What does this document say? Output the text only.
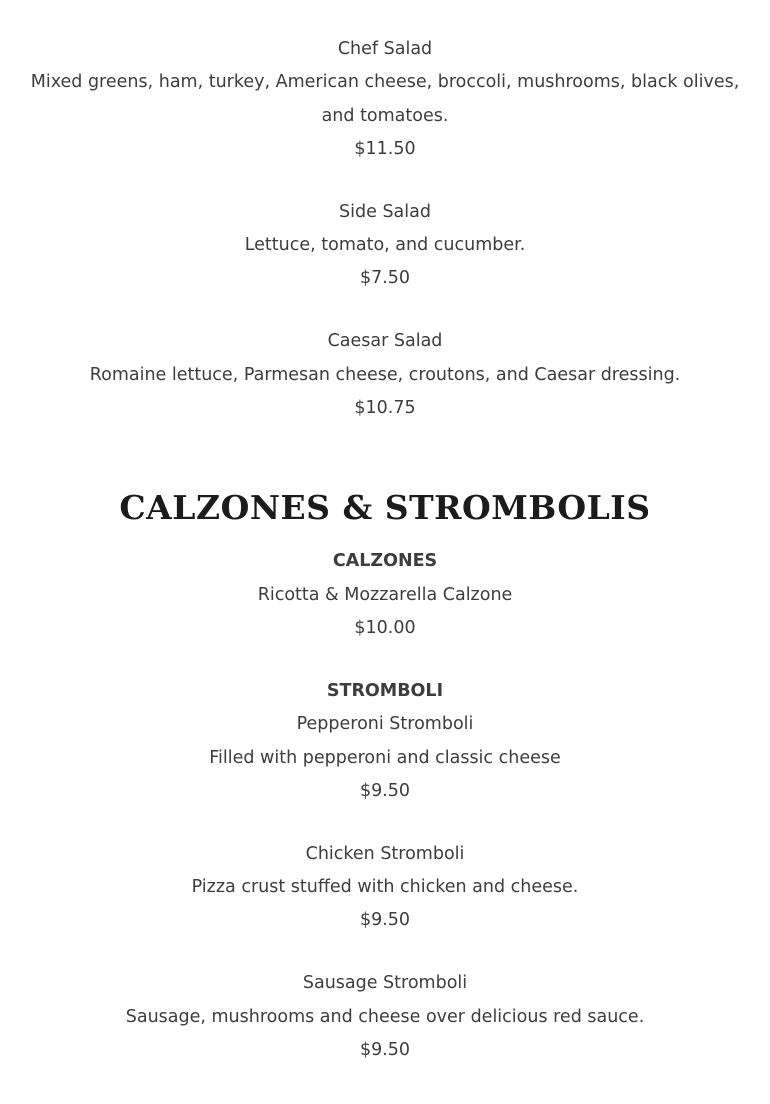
Chef Salad

Mixed greens, ham, turkey, American cheese, broccoli, mushrooms, black olives, and tomatoes.

$11.50

Side Salad

Lettuce, tomato, and cucumber.

$7.50

Caesar Salad

Romaine lettuce, Parmesan cheese, croutons, and Caesar dressing.

$10.75

CALZONES & STROMBOLIS

CALZONES

Ricotta & Mozzarella Calzone

$10.00

STROMBOLI

Pepperoni Stromboli

Filled with pepperoni and classic cheese

$9.50

Chicken Stromboli

Pizza crust stuffed with chicken and cheese.

$9.50

Sausage Stromboli

Sausage, mushrooms and cheese over delicious red sauce.

$9.50
